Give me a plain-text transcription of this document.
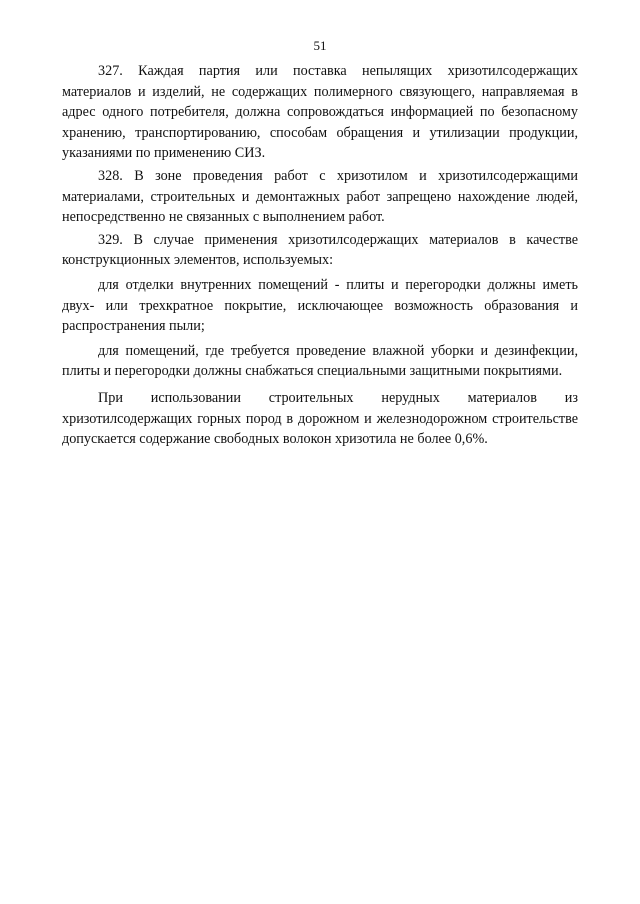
51

327. Каждая партия или поставка непылящих хризотилсодержащих материалов и изделий, не содержащих полимерного связующего, направляемая в адрес одного потребителя, должна сопровождаться информацией по безопасному хранению, транспортированию, способам обращения и утилизации продукции, указаниями по применению СИЗ.

328. В зоне проведения работ с хризотилом и хризотилсодержащими материалами, строительных и демонтажных работ запрещено нахождение людей, непосредственно не связанных с выполнением работ.

329. В случае применения хризотилсодержащих материалов в качестве конструкционных элементов, используемых:

для отделки внутренних помещений - плиты и перегородки должны иметь двух- или трехкратное покрытие, исключающее возможность образования и распространения пыли;

для помещений, где требуется проведение влажной уборки и дезинфекции, плиты и перегородки должны снабжаться специальными защитными покрытиями.

При использовании строительных нерудных материалов из хризотилсодержащих горных пород в дорожном и железнодорожном строительстве допускается содержание свободных волокон хризотила не более 0,6%.
